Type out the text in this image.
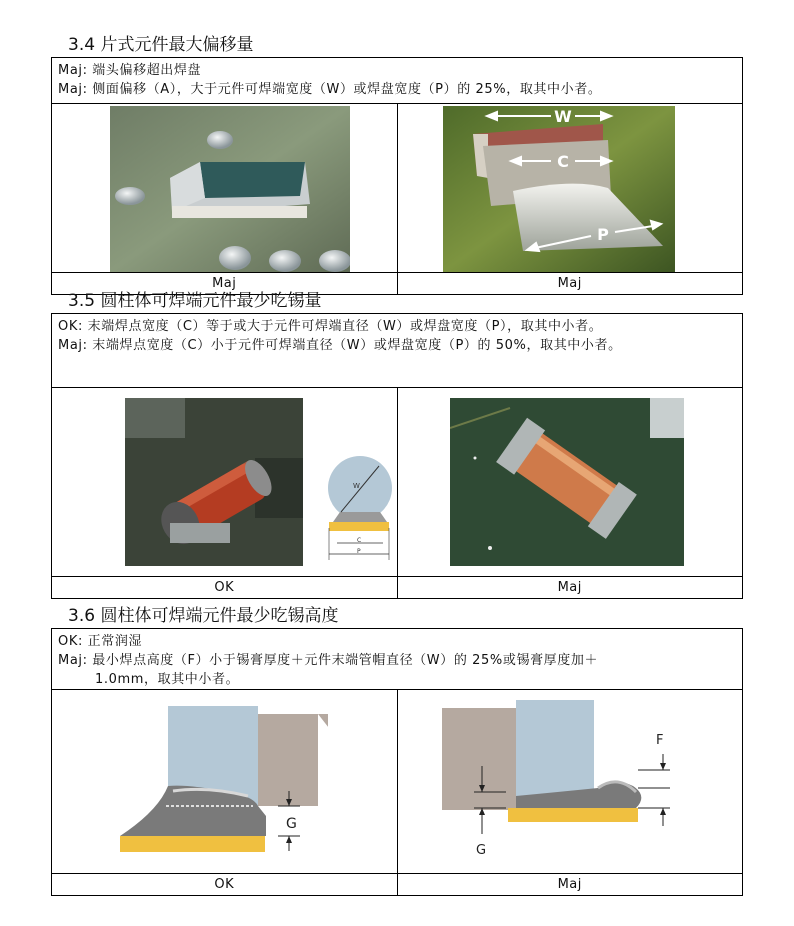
3.4 片式元件最大偏移量
Maj: 端头偏移超出焊盘
Maj: 侧面偏移（A），大于元件可焊端宽度（W）或焊盘宽度（P）的 25%，取其中小者。
W
C
P
Maj	Maj
3.5 圆柱体可焊端元件最少吃锡量
OK: 末端焊点宽度（C）等于或大于元件可焊端直径（W）或焊盘宽度（P），取其中小者。
Maj: 末端焊点宽度（C）小于元件可焊端直径（W）或焊盘宽度（P）的 50%，取其中小者。
W
C
P
OK	Maj
3.6 圆柱体可焊端元件最少吃锡高度
OK: 正常润湿
Maj: 最小焊点高度（F）小于锡膏厚度＋元件末端管帽直径（W）的 25%或锡膏厚度加＋
1.0mm，取其中小者。
G
F
G
OK	Maj
